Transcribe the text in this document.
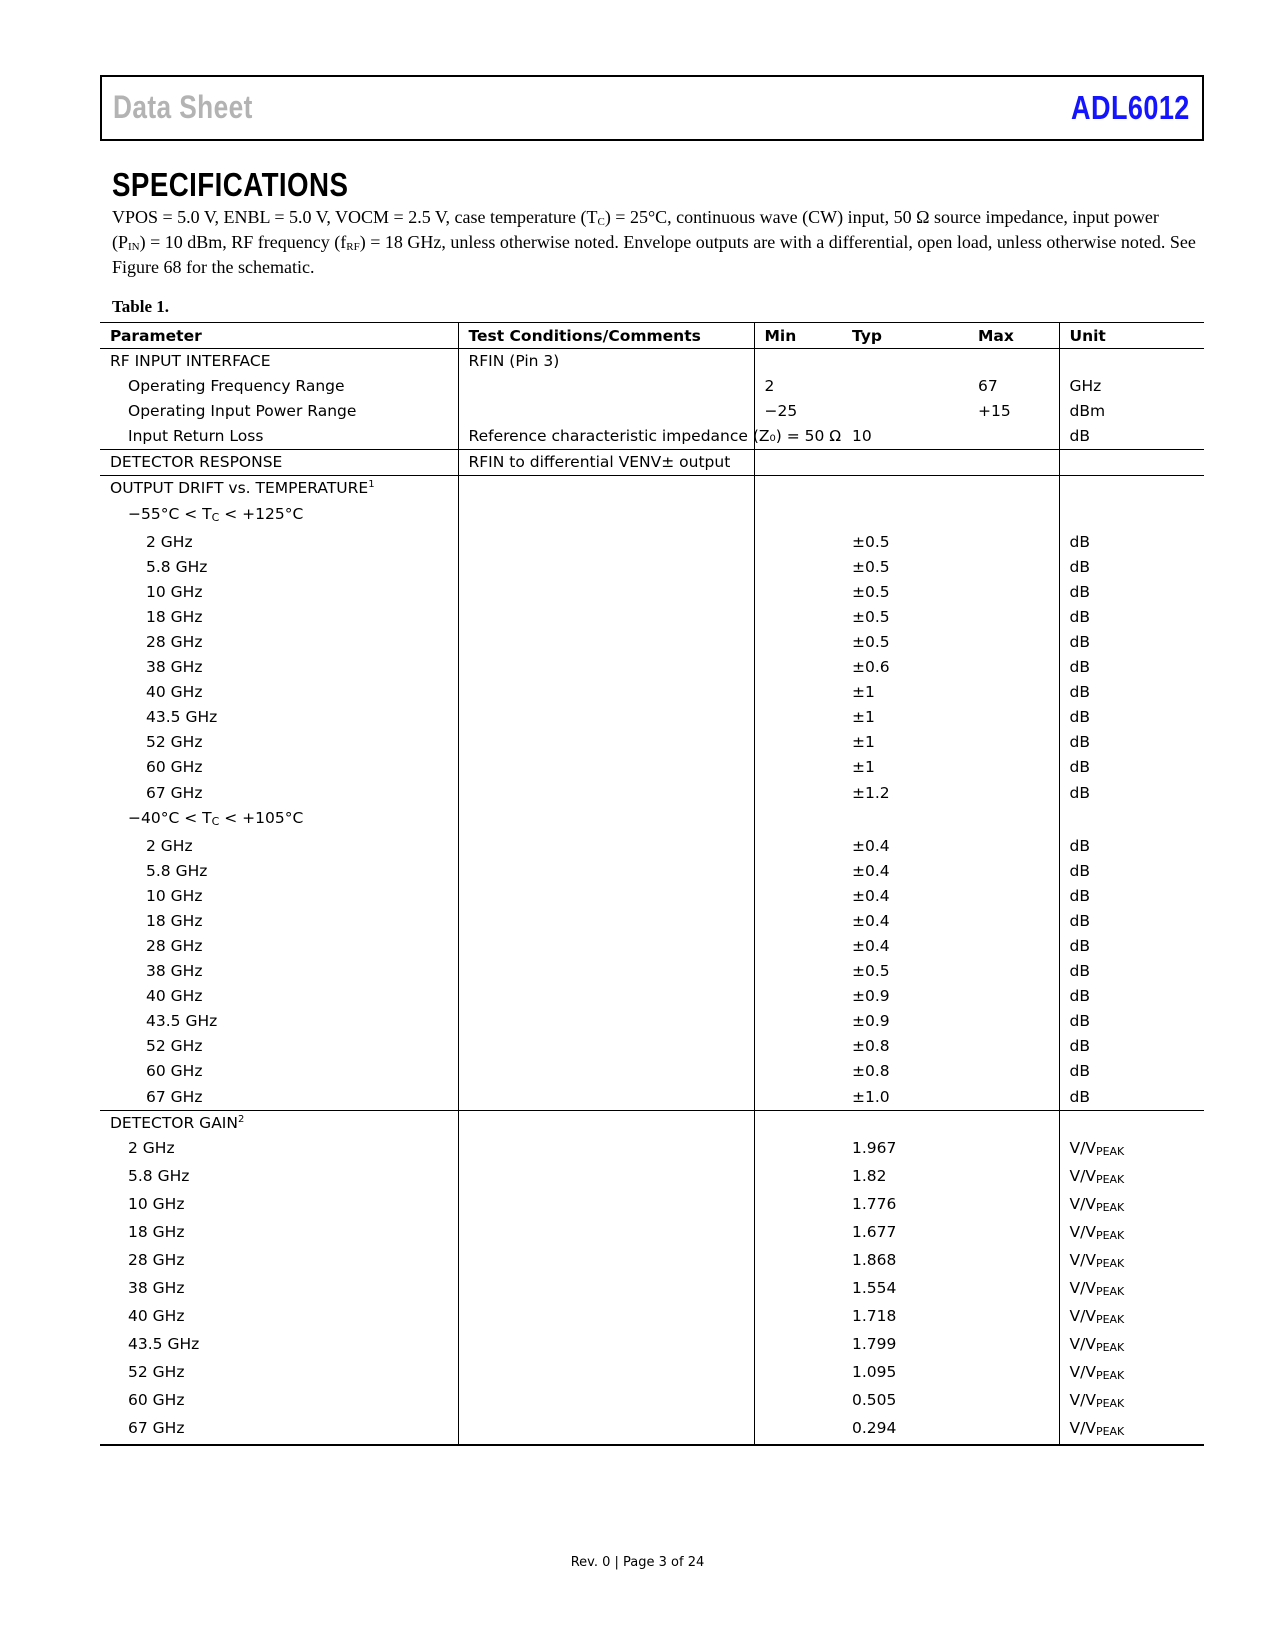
Data Sheet	ADL6012
SPECIFICATIONS
VPOS = 5.0 V, ENBL = 5.0 V, VOCM = 2.5 V, case temperature $(T_C) = 25^\circ C$, continuous wave (CW) input, 50 Ω source impedance, input power $(P_{IN}) = 10$ dBm, RF frequency $(f_{RF}) = 18$ GHz, unless otherwise noted. Envelope outputs are with a differential, open load, unless otherwise noted. See Figure 68 for the schematic.
Table 1.
Parameter	Test Conditions/Comments	Min	Typ	Max	Unit
RF INPUT INTERFACE	RFIN (Pin 3)				
Operating Frequency Range		2		67	GHz
Operating Input Power Range		−25		+15	dBm
Input Return Loss	Reference characteristic impedance (Z₀) = 50 Ω		10		dB
DETECTOR RESPONSE	RFIN to differential VENV± output				
OUTPUT DRIFT vs. TEMPERATURE$^1$					
−55°C < TC < +125°C					
2 GHz			±0.5		dB
5.8 GHz			±0.5		dB
10 GHz			±0.5		dB
18 GHz			±0.5		dB
28 GHz			±0.5		dB
38 GHz			±0.6		dB
40 GHz			±1		dB
43.5 GHz			±1		dB
52 GHz			±1		dB
60 GHz			±1		dB
67 GHz			±1.2		dB
−40°C < TC < +105°C					
2 GHz			±0.4		dB
5.8 GHz			±0.4		dB
10 GHz			±0.4		dB
18 GHz			±0.4		dB
28 GHz			±0.4		dB
38 GHz			±0.5		dB
40 GHz			±0.9		dB
43.5 GHz			±0.9		dB
52 GHz			±0.8		dB
60 GHz			±0.8		dB
67 GHz			±1.0		dB
DETECTOR GAIN$^2$					
2 GHz			1.967		V/VPEAK
5.8 GHz			1.82		V/VPEAK
10 GHz			1.776		V/VPEAK
18 GHz			1.677		V/VPEAK
28 GHz			1.868		V/VPEAK
38 GHz			1.554		V/VPEAK
40 GHz			1.718		V/VPEAK
43.5 GHz			1.799		V/VPEAK
52 GHz			1.095		V/VPEAK
60 GHz			0.505		V/VPEAK
67 GHz			0.294		V/VPEAK
Rev. 0 | Page 3 of 24
